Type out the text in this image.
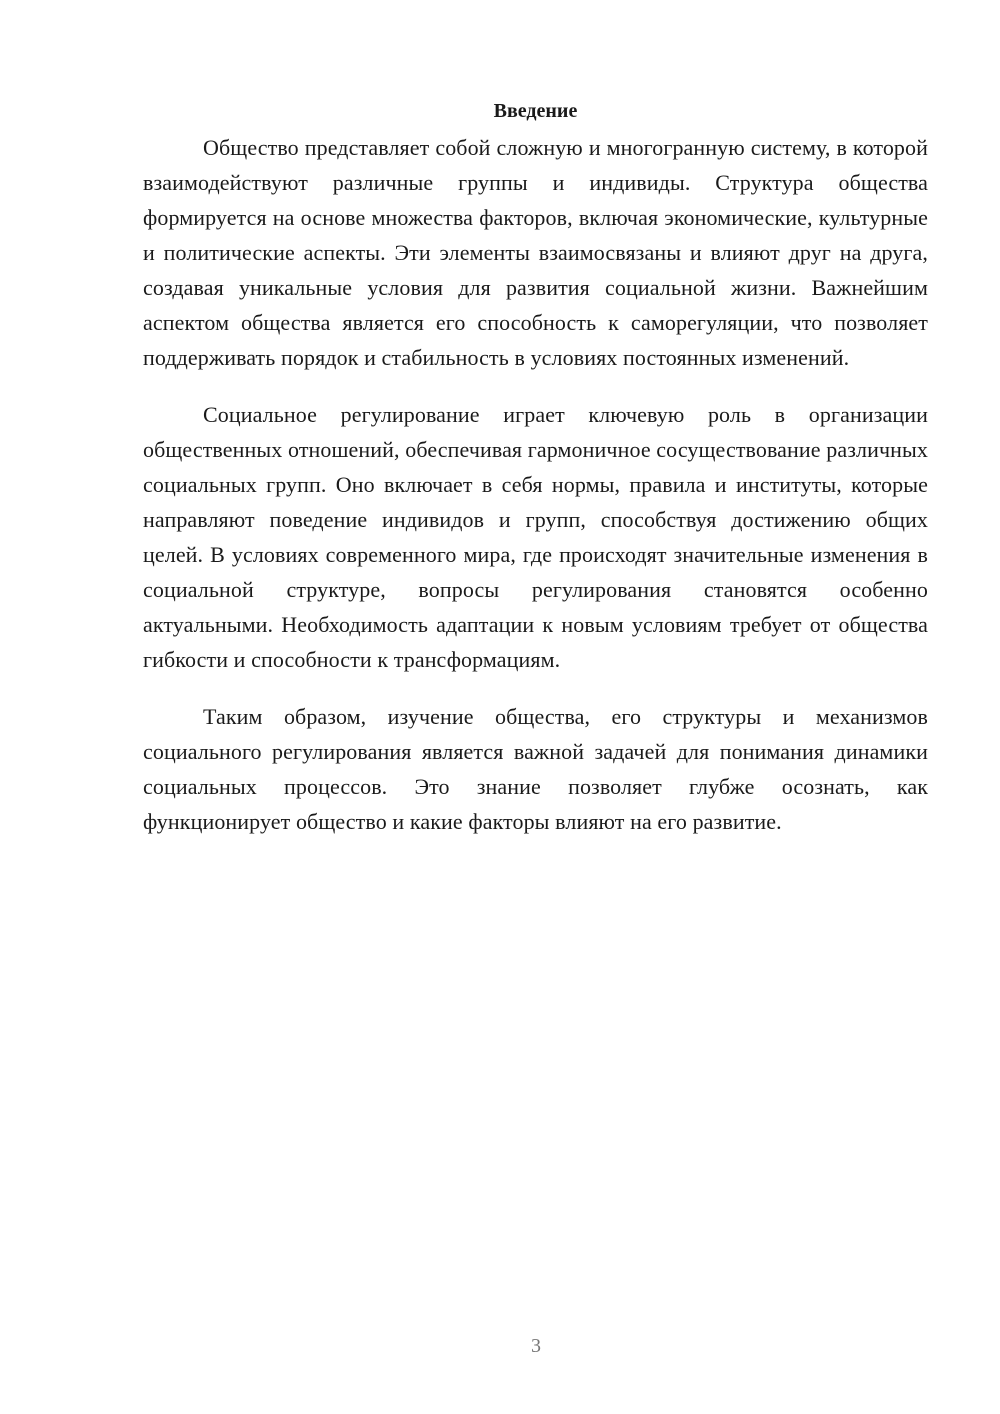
Введение

Общество представляет собой сложную и многогранную систему, в которой взаимодействуют различные группы и индивиды. Структура общества формируется на основе множества факторов, включая экономические, культурные и политические аспекты. Эти элементы взаимосвязаны и влияют друг на друга, создавая уникальные условия для развития социальной жизни. Важнейшим аспектом общества является его способность к саморегуляции, что позволяет поддерживать порядок и стабильность в условиях постоянных изменений.

Социальное регулирование играет ключевую роль в организации общественных отношений, обеспечивая гармоничное сосуществование различных социальных групп. Оно включает в себя нормы, правила и институты, которые направляют поведение индивидов и групп, способствуя достижению общих целей. В условиях современного мира, где происходят значительные изменения в социальной структуре, вопросы регулирования становятся особенно актуальными. Необходимость адаптации к новым условиям требует от общества гибкости и способности к трансформациям.

Таким образом, изучение общества, его структуры и механизмов социального регулирования является важной задачей для понимания динамики социальных процессов. Это знание позволяет глубже осознать, как функционирует общество и какие факторы влияют на его развитие.

3
